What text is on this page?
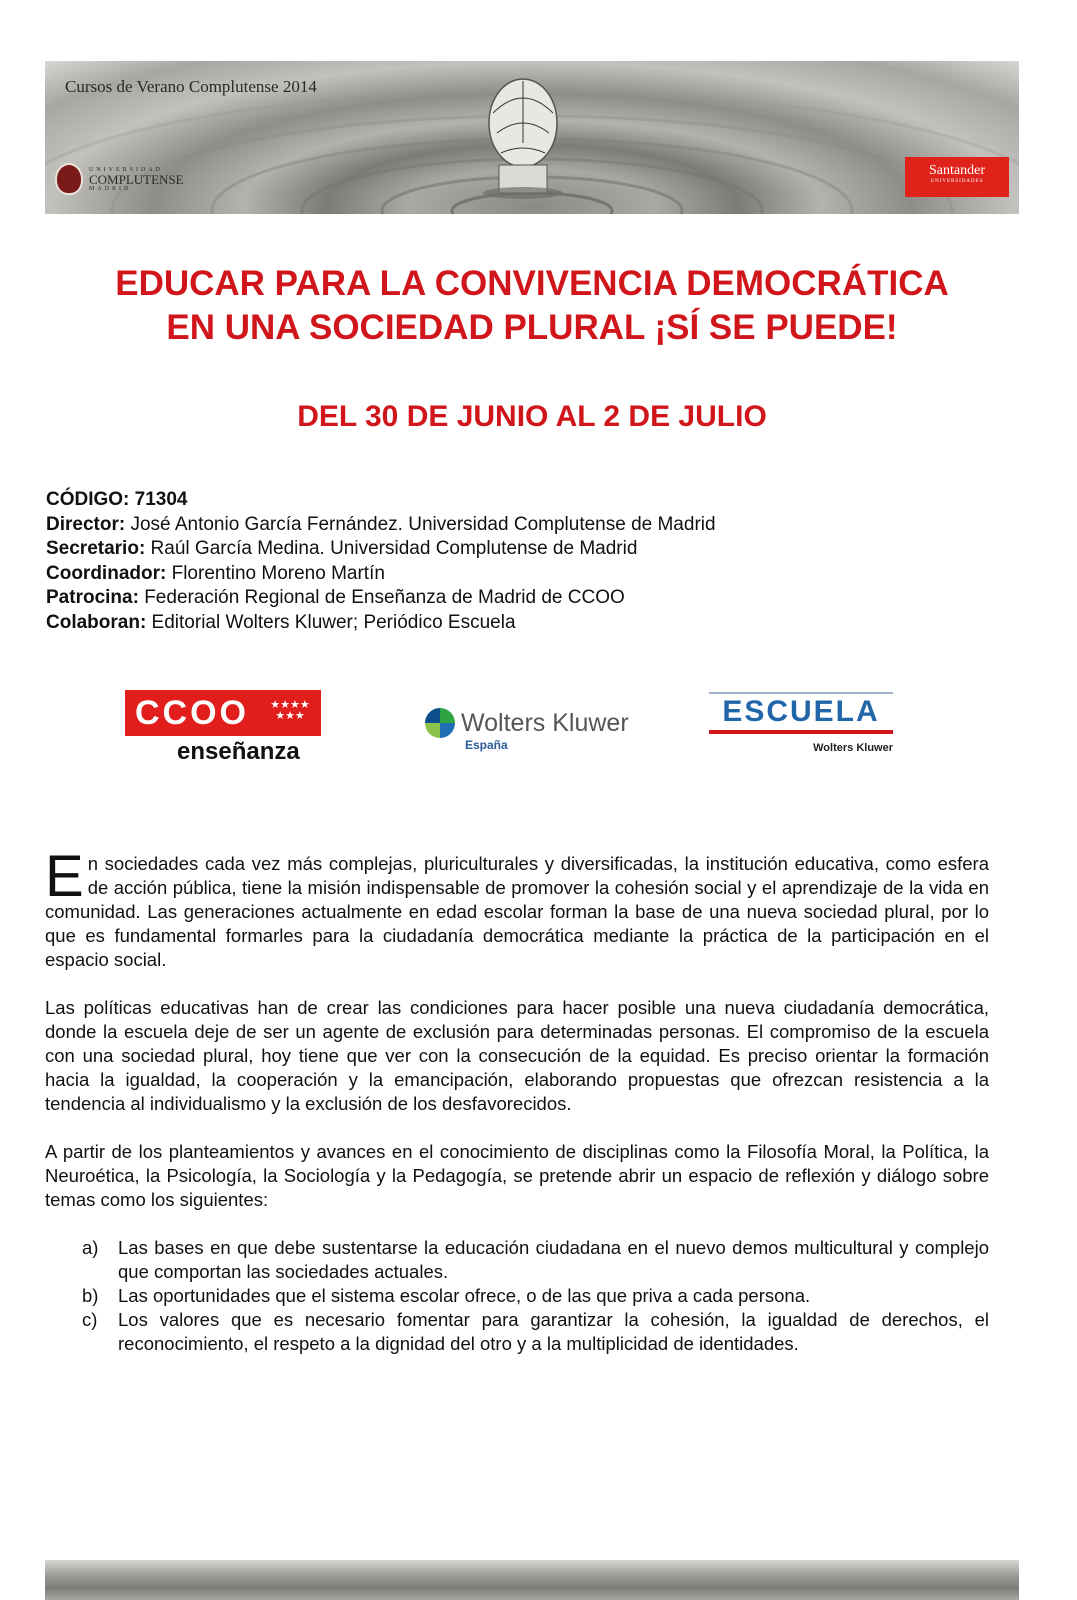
Cursos de Verano Complutense 2014
UNIVERSIDAD
COMPLUTENSE
MADRID
Santander
UNIVERSIDADES
EDUCAR PARA LA CONVIVENCIA DEMOCRÁTICA
EN UNA SOCIEDAD PLURAL ¡SÍ SE PUEDE!
DEL 30 DE JUNIO AL 2 DE JULIO
CÓDIGO: 71304
Director: José Antonio García Fernández. Universidad Complutense de Madrid
Secretario: Raúl García Medina. Universidad Complutense de Madrid
Coordinador: Florentino Moreno Martín
Patrocina: Federación Regional de Enseñanza de Madrid de CCOO
Colaboran: Editorial Wolters Kluwer; Periódico Escuela
CCOO ★★★★★★★
enseñanza
Wolters Kluwer
España
ESCUELA
Wolters Kluwer

En sociedades cada vez más complejas, pluriculturales y diversificadas, la institución educativa, como esfera de acción pública, tiene la misión indispensable de promover la cohesión social y el aprendizaje de la vida en comunidad. Las generaciones actualmente en edad escolar forman la base de una nueva sociedad plural, por lo que es fundamental formarles para la ciudadanía democrática mediante la práctica de la participación en el espacio social.

Las políticas educativas han de crear las condiciones para hacer posible una nueva ciudadanía democrática, donde la escuela deje de ser un agente de exclusión para determinadas personas. El compromiso de la escuela con una sociedad plural, hoy tiene que ver con la consecución de la equidad. Es preciso orientar la formación hacia la igualdad, la cooperación y la emancipación, elaborando propuestas que ofrezcan resistencia a la tendencia al individualismo y la exclusión de los desfavorecidos.

A partir de los planteamientos y avances en el conocimiento de disciplinas como la Filosofía Moral, la Política, la Neuroética, la Psicología, la Sociología y la Pedagogía, se pretende abrir un espacio de reflexión y diálogo sobre temas como los siguientes:

a) Las bases en que debe sustentarse la educación ciudadana en el nuevo demos multicultural y complejo que comportan las sociedades actuales.
b) Las oportunidades que el sistema escolar ofrece, o de las que priva a cada persona.
c) Los valores que es necesario fomentar para garantizar la cohesión, la igualdad de derechos, el reconocimiento, el respeto a la dignidad del otro y a la multiplicidad de identidades.
